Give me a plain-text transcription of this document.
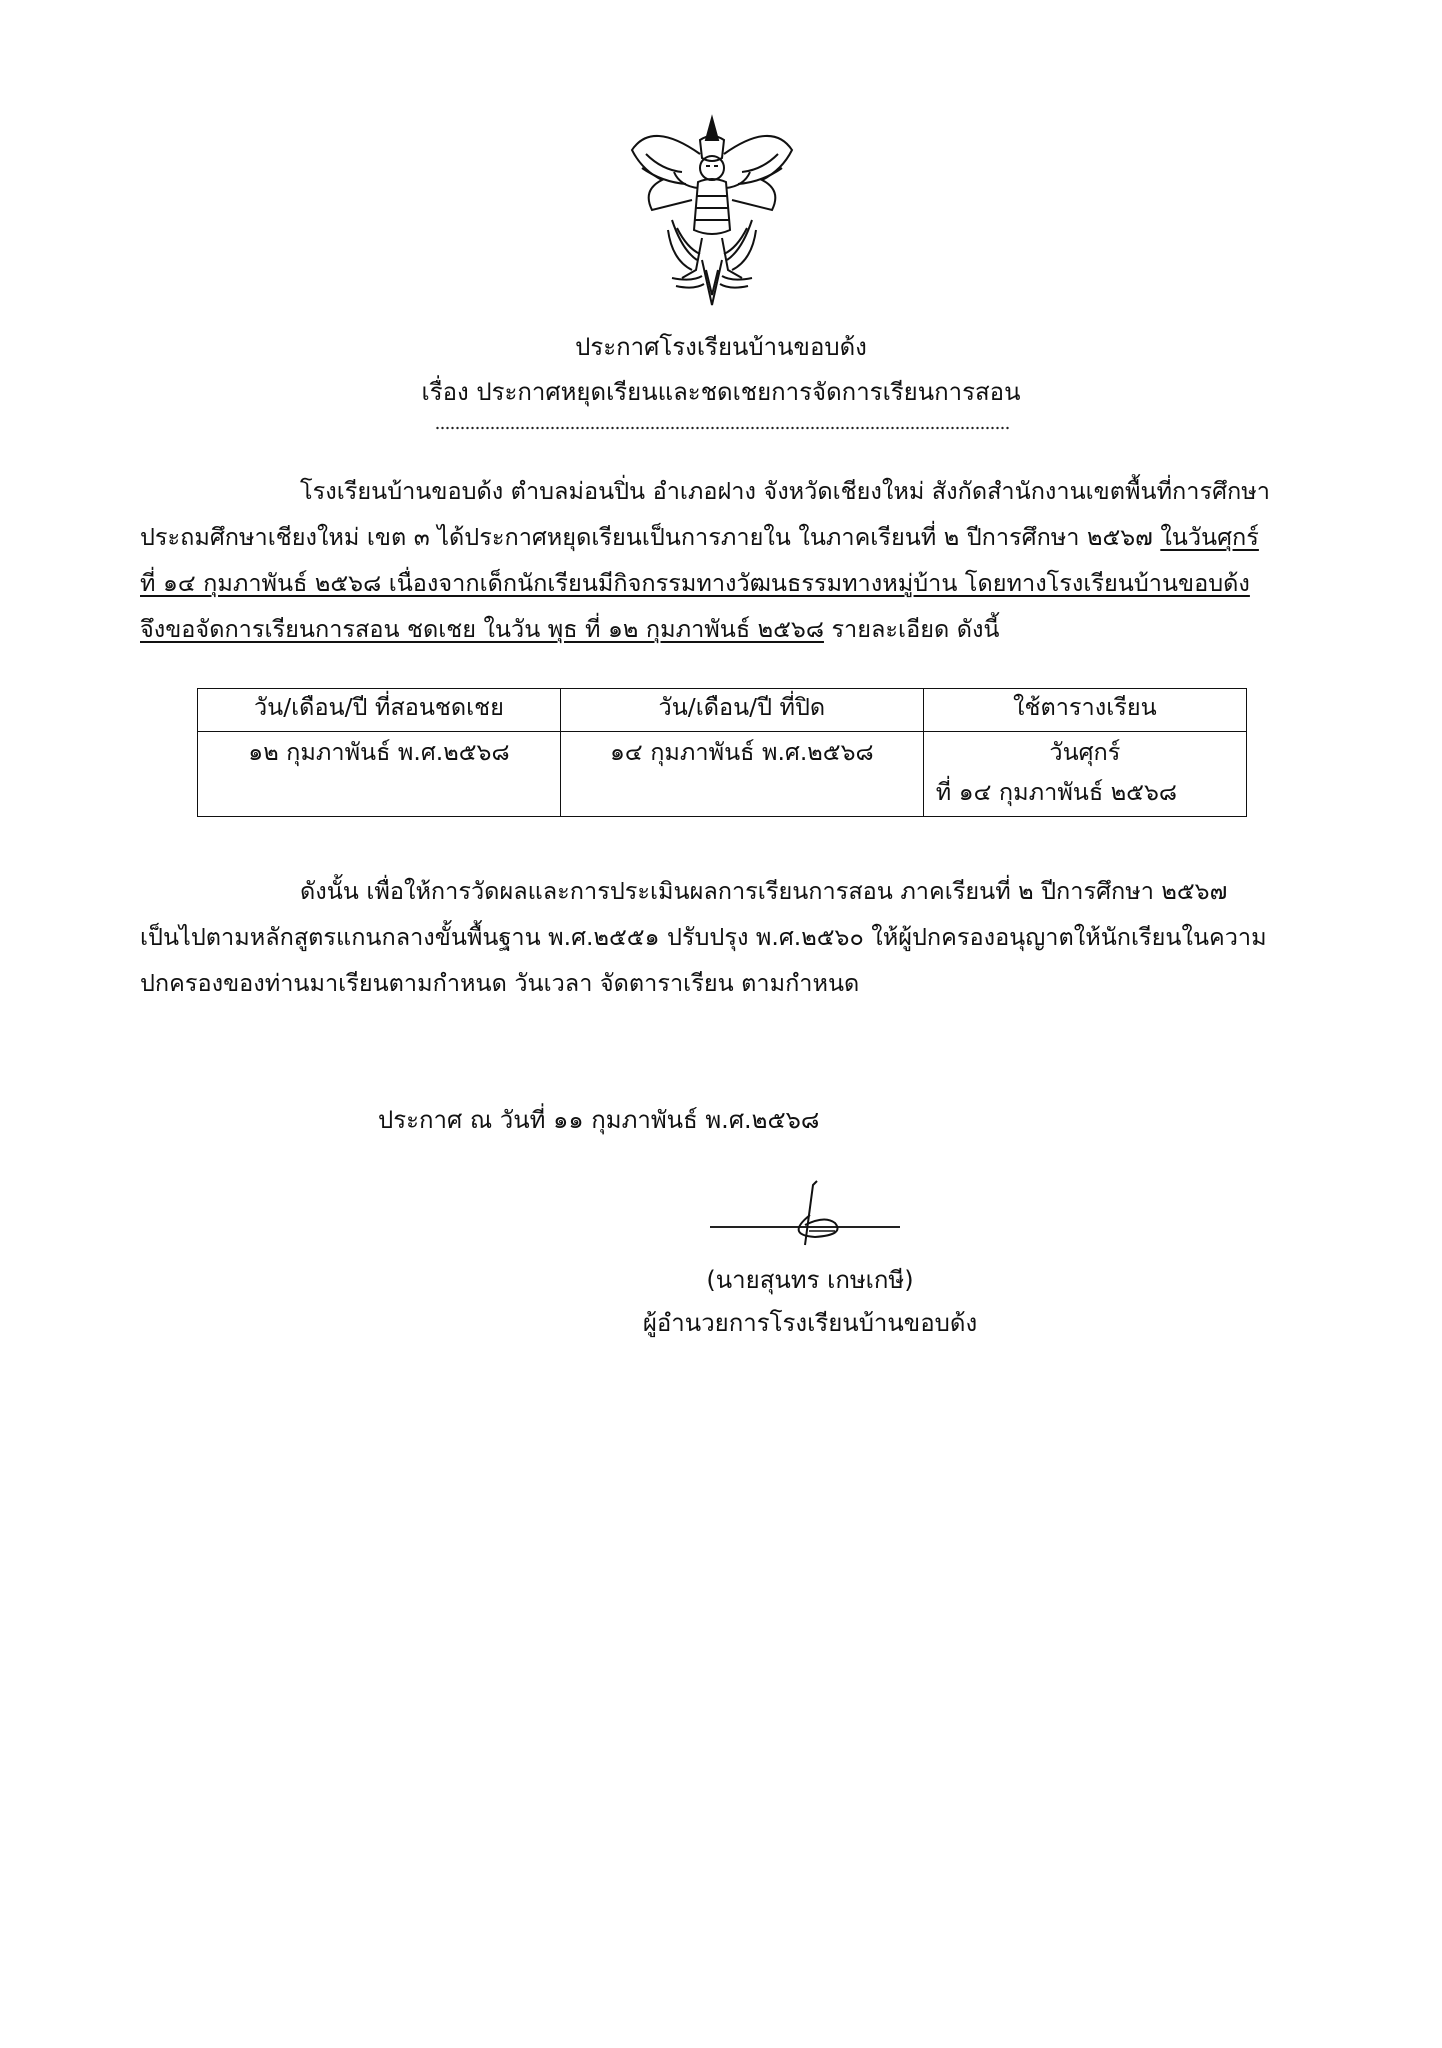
ประกาศโรงเรียนบ้านขอบด้ง
เรื่อง ประกาศหยุดเรียนและชดเชยการจัดการเรียนการสอน
โรงเรียนบ้านขอบด้ง ตำบลม่อนปิ่น อำเภอฝาง จังหวัดเชียงใหม่ สังกัดสำนักงานเขตพื้นที่การศึกษา
ประถมศึกษาเชียงใหม่ เขต ๓ ได้ประกาศหยุดเรียนเป็นการภายใน ในภาคเรียนที่ ๒ ปีการศึกษา ๒๕๖๗ ในวันศุกร์
ที่ ๑๔ กุมภาพันธ์ ๒๕๖๘ เนื่องจากเด็กนักเรียนมีกิจกรรมทางวัฒนธรรมทางหมู่บ้าน โดยทางโรงเรียนบ้านขอบด้ง
จึงขอจัดการเรียนการสอน ชดเชย ในวัน พุธ ที่ ๑๒ กุมภาพันธ์ ๒๕๖๘ รายละเอียด ดังนี้
วัน/เดือน/ปี ที่สอนชดเชย	วัน/เดือน/ปี ที่ปิด	ใช้ตารางเรียน
๑๒ กุมภาพันธ์ พ.ศ.๒๕๖๘	๑๔ กุมภาพันธ์ พ.ศ.๒๕๖๘	วันศุกร์
ที่ ๑๔ กุมภาพันธ์ ๒๕๖๘
ดังนั้น เพื่อให้การวัดผลและการประเมินผลการเรียนการสอน ภาคเรียนที่ ๒ ปีการศึกษา ๒๕๖๗
เป็นไปตามหลักสูตรแกนกลางขั้นพื้นฐาน พ.ศ.๒๕๕๑ ปรับปรุง พ.ศ.๒๕๖๐ ให้ผู้ปกครองอนุญาตให้นักเรียนในความ
ปกครองของท่านมาเรียนตามกำหนด วันเวลา จัดตาราเรียน ตามกำหนด
ประกาศ ณ วันที่ ๑๑ กุมภาพันธ์ พ.ศ.๒๕๖๘
(นายสุนทร เกษเกษี)
ผู้อำนวยการโรงเรียนบ้านขอบด้ง
